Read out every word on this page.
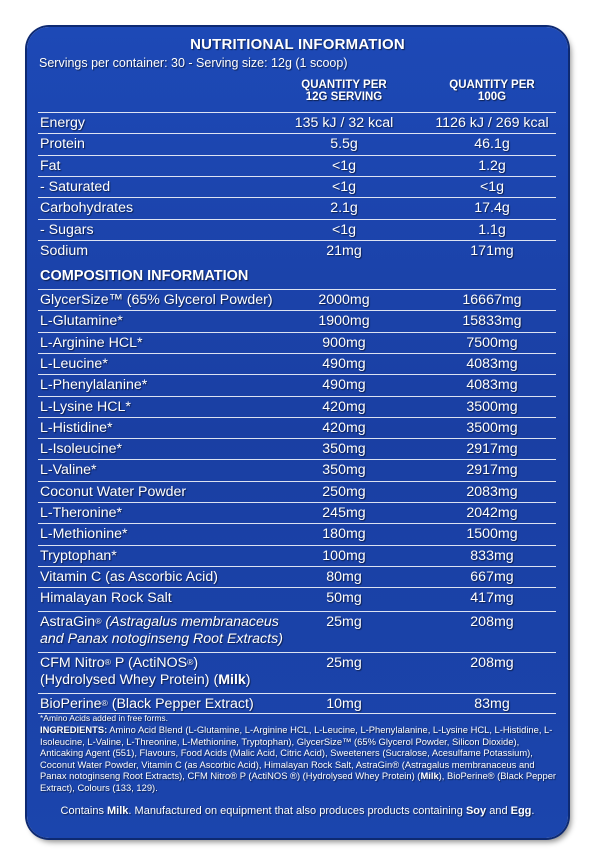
NUTRITIONAL INFORMATION
Servings per container: 30 - Serving size: 12g (1 scoop)
QUANTITY PER
12G SERVING
QUANTITY PER
100G
Energy	135 kJ / 32 kcal	1126 kJ / 269 kcal
Protein	5.5g	46.1g
Fat	<1g	1.2g
- Saturated	<1g	<1g
Carbohydrates	2.1g	17.4g
- Sugars	<1g	1.1g
Sodium	21mg	171mg
COMPOSITION INFORMATION
GlycerSize™ (65% Glycerol Powder)	2000mg	16667mg
L-Glutamine*	1900mg	15833mg
L-Arginine HCL*	900mg	7500mg
L-Leucine*	490mg	4083mg
L-Phenylalanine*	490mg	4083mg
L-Lysine HCL*	420mg	3500mg
L-Histidine*	420mg	3500mg
L-Isoleucine*	350mg	2917mg
L-Valine*	350mg	2917mg
Coconut Water Powder	250mg	2083mg
L-Theronine*	245mg	2042mg
L-Methionine*	180mg	1500mg
Tryptophan*	100mg	833mg
Vitamin C (as Ascorbic Acid)	80mg	667mg
Himalayan Rock Salt	50mg	417mg
AstraGin® (Astragalus membranaceus and Panax notoginseng Root Extracts)
25mg	208mg
CFM Nitro® P (ActiNOS®)
(Hydrolysed Whey Protein) (Milk)
25mg	208mg
BioPerine® (Black Pepper Extract)	10mg	83mg
*Amino Acids added in free forms.
INGREDIENTS: Amino Acid Blend (L-Glutamine, L-Arginine HCL, L-Leucine, L-Phenylalanine, L-Lysine HCL, L-Histidine, L-Isoleucine, L-Valine, L-Threonine, L-Methionine, Tryptophan), GlycerSize™ (65% Glycerol Powder, Silicon Dioxide), Anticaking Agent (551), Flavours, Food Acids (Malic Acid, Citric Acid), Sweeteners (Sucralose, Acesulfame Potassium), Coconut Water Powder, Vitamin C (as Ascorbic Acid), Himalayan Rock Salt, AstraGin® (Astragalus membranaceus and Panax notoginseng Root Extracts), CFM Nitro® P (ActiNOS ®) (Hydrolysed Whey Protein) (Milk), BioPerine® (Black Pepper Extract), Colours (133, 129).
Contains Milk. Manufactured on equipment that also produces products containing Soy and Egg.
